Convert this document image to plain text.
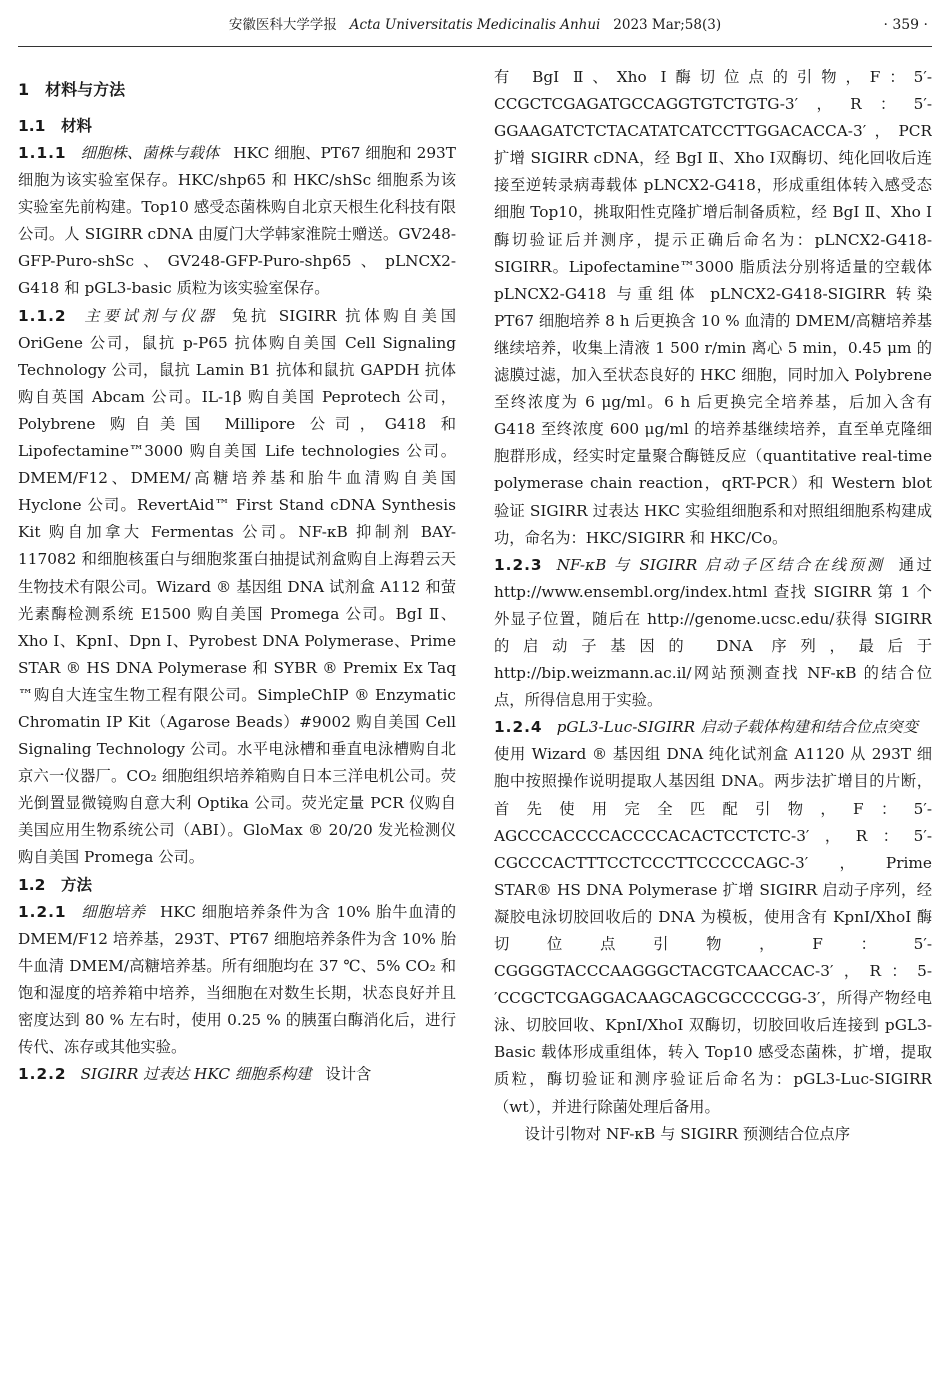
安徽医科大学学报 Acta Universitatis Medicinalis Anhui 2023 Mar;58(3)	· 359 ·

1　材料与方法

1.1　材料

1.1.1 细胞株、菌株与载体 HKC 细胞、PT67 细胞和 293T 细胞为该实验室保存。HKC/shp65 和 HKC/shSc 细胞系为该实验室先前构建。Top10 感受态菌株购自北京天根生化科技有限公司。人 SIGIRR cDNA 由厦门大学韩家淮院士赠送。GV248-GFP-Puro-shSc、GV248-GFP-Puro-shp65、pLNCX2-G418 和 pGL3-basic 质粒为该实验室保存。

1.1.2 主要试剂与仪器 兔抗 SIGIRR 抗体购自美国 OriGene 公司，鼠抗 p-P65 抗体购自美国 Cell Signaling Technology 公司，鼠抗 Lamin B1 抗体和鼠抗 GAPDH 抗体购自英国 Abcam 公司。IL-1β 购自美国 Peprotech 公司，Polybrene 购自美国 Millipore 公司，G418 和 Lipofectamine™3000 购自美国 Life technologies 公司。DMEM/F12、DMEM/高糖培养基和胎牛血清购自美国 Hyclone 公司。RevertAid™ First Stand cDNA Synthesis Kit 购自加拿大 Fermentas 公司。NF-κB 抑制剂 BAY-117082 和细胞核蛋白与细胞浆蛋白抽提试剂盒购自上海碧云天生物技术有限公司。Wizard ® 基因组 DNA 试剂盒 A112 和萤光素酶检测系统 E1500 购自美国 Promega 公司。BgI Ⅱ、Xho Ⅰ、KpnI、Dpn Ⅰ、Pyrobest DNA Polymerase、Prime STAR ® HS DNA Polymerase 和 SYBR ® Premix Ex Taq ™购自大连宝生物工程有限公司。SimpleChIP ® Enzymatic Chromatin IP Kit（Agarose Beads）#9002 购自美国 Cell Signaling Technology 公司。水平电泳槽和垂直电泳槽购自北京六一仪器厂。CO₂ 细胞组织培养箱购自日本三洋电机公司。荧光倒置显微镜购自意大利 Optika 公司。荧光定量 PCR 仪购自美国应用生物系统公司（ABI）。GloMax ® 20/20 发光检测仪购自美国 Promega 公司。

1.2　方法

1.2.1 细胞培养 HKC 细胞培养条件为含 10% 胎牛血清的 DMEM/F12 培养基，293T、PT67 细胞培养条件为含 10% 胎牛血清 DMEM/高糖培养基。所有细胞均在 37 ℃、5% CO₂ 和饱和湿度的培养箱中培养，当细胞在对数生长期，状态良好并且密度达到 80 % 左右时，使用 0.25 % 的胰蛋白酶消化后，进行传代、冻存或其他实验。

1.2.2 SIGIRR 过表达 HKC 细胞系构建 设计含

有 BgI Ⅱ、Xho Ⅰ酶切位点的引物，F：5′-CCGCTCGAGATGCCAGGTGTCTGTG-3′，R：5′-GGAAGATCTCTACATATCATCCTTGGACACCA-3′，PCR 扩增 SIGIRR cDNA，经 BgI Ⅱ、Xho Ⅰ双酶切、纯化回收后连接至逆转录病毒载体 pLNCX2-G418，形成重组体转入感受态细胞 Top10，挑取阳性克隆扩增后制备质粒，经 BgI Ⅱ、Xho Ⅰ酶切验证后并测序，提示正确后命名为：pLNCX2-G418-SIGIRR。Lipofectamine™3000 脂质法分别将适量的空载体 pLNCX2-G418 与重组体 pLNCX2-G418-SIGIRR 转染 PT67 细胞培养 8 h 后更换含 10 % 血清的 DMEM/高糖培养基继续培养，收集上清液 1 500 r/min 离心 5 min，0.45 μm 的滤膜过滤，加入至状态良好的 HKC 细胞，同时加入 Polybrene 至终浓度为 6 μg/ml。6 h 后更换完全培养基，后加入含有 G418 至终浓度 600 μg/ml 的培养基继续培养，直至单克隆细胞群形成，经实时定量聚合酶链反应（quantitative real-time polymerase chain reaction，qRT-PCR）和 Western blot 验证 SIGIRR 过表达 HKC 实验组细胞系和对照组细胞系构建成功，命名为：HKC/SIGIRR 和 HKC/Co。

1.2.3 NF-κB 与 SIGIRR 启动子区结合在线预测 通过 http://www.ensembl.org/index.html 查找 SIGIRR 第 1 个外显子位置，随后在 http://genome.ucsc.edu/获得 SIGIRR 的启动子基因的 DNA 序列，最后于 http://bip.weizmann.ac.il/网站预测查找 NF-κB 的结合位点，所得信息用于实验。

1.2.4 pGL3-Luc-SIGIRR 启动子载体构建和结合位点突变使用 Wizard ® 基因组 DNA 纯化试剂盒 A1120 从 293T 细胞中按照操作说明提取人基因组 DNA。两步法扩增目的片断，首先使用完全匹配引物，F：5′-AGCCCACCCCACCCCACACTCCTCTC-3′，R：5′-CGCCCACTTTCCTCCCTTCCCCCAGC-3′，Prime STAR® HS DNA Polymerase 扩增 SIGIRR 启动子序列，经凝胶电泳切胶回收后的 DNA 为模板，使用含有 KpnI/XhoI 酶切位点引物，F：5′-CGGGGTACCCAAGGGCTACGTCAACCAC-3′，R：5-′CCGCTCGAGGACAAGCAGCGCCCCGG-3′，所得产物经电泳、切胶回收、KpnI/XhoI 双酶切，切胶回收后连接到 pGL3-Basic 载体形成重组体，转入 Top10 感受态菌株，扩增，提取质粒，酶切验证和测序验证后命名为：pGL3-Luc-SIGIRR（wt），并进行除菌处理后备用。

设计引物对 NF-κB 与 SIGIRR 预测结合位点序
